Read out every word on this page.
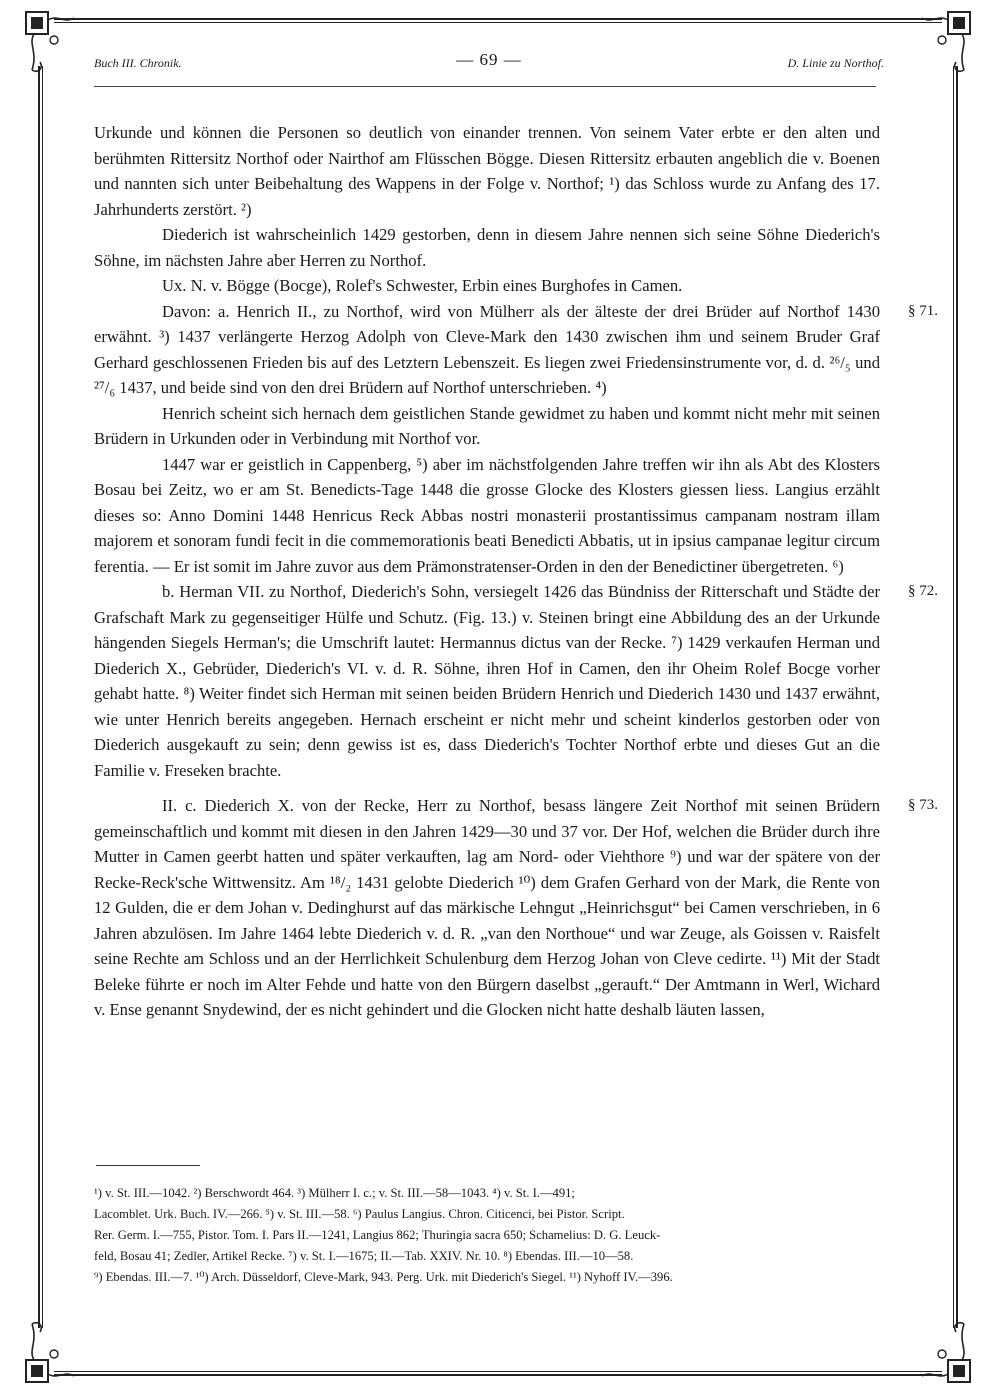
Buch III. Chronik.	— 69 —	D. Linie zu Northof.

Urkunde und können die Personen so deutlich von einander trennen. Von seinem Vater erbte er den alten und berühmten Rittersitz Northof oder Nairthof am Flüsschen Bögge. Diesen Rittersitz erbauten angeblich die v. Boenen und nannten sich unter Beibehaltung des Wappens in der Folge v. Northof; ¹) das Schloss wurde zu Anfang des 17. Jahrhunderts zerstört. ²)

Diederich ist wahrscheinlich 1429 gestorben, denn in diesem Jahre nennen sich seine Söhne Diederich's Söhne, im nächsten Jahre aber Herren zu Northof.

Ux. N. v. Bögge (Bocge), Rolef's Schwester, Erbin eines Burghofes in Camen.

§ 71.
Davon: a. Henrich II., zu Northof, wird von Mülherr als der älteste der drei Brüder auf Northof 1430 erwähnt. ³) 1437 verlängerte Herzog Adolph von Cleve-Mark den 1430 zwischen ihm und seinem Bruder Graf Gerhard geschlossenen Frieden bis auf des Letztern Lebenszeit. Es liegen zwei Friedensinstrumente vor, d. d. ²⁶/₅ und ²⁷/₆ 1437, und beide sind von den drei Brüdern auf Northof unterschrieben. ⁴)

Henrich scheint sich hernach dem geistlichen Stande gewidmet zu haben und kommt nicht mehr mit seinen Brüdern in Urkunden oder in Verbindung mit Northof vor.

1447 war er geistlich in Cappenberg, ⁵) aber im nächstfolgenden Jahre treffen wir ihn als Abt des Klosters Bosau bei Zeitz, wo er am St. Benedicts-Tage 1448 die grosse Glocke des Klosters giessen liess. Langius erzählt dieses so: Anno Domini 1448 Henricus Reck Abbas nostri monasterii prostantissimus campanam nostram illam majorem et sonoram fundi fecit in die commemorationis beati Benedicti Abbatis, ut in ipsius campanae legitur circum ferentia. — Er ist somit im Jahre zuvor aus dem Prämonstratenser-Orden in den der Benedictiner übergetreten. ⁶)

§ 72.
b. Herman VII. zu Northof, Diederich's Sohn, versiegelt 1426 das Bündniss der Ritterschaft und Städte der Grafschaft Mark zu gegenseitiger Hülfe und Schutz. (Fig. 13.) v. Steinen bringt eine Abbildung des an der Urkunde hängenden Siegels Herman's; die Umschrift lautet: Hermannus dictus van der Recke. ⁷) 1429 verkaufen Herman und Diederich X., Gebrüder, Diederich's VI. v. d. R. Söhne, ihren Hof in Camen, den ihr Oheim Rolef Bocge vorher gehabt hatte. ⁸) Weiter findet sich Herman mit seinen beiden Brüdern Henrich und Diederich 1430 und 1437 erwähnt, wie unter Henrich bereits angegeben. Hernach erscheint er nicht mehr und scheint kinderlos gestorben oder von Diederich ausgekauft zu sein; denn gewiss ist es, dass Diederich's Tochter Northof erbte und dieses Gut an die Familie v. Freseken brachte.

§ 73.
II. c. Diederich X. von der Recke, Herr zu Northof, besass längere Zeit Northof mit seinen Brüdern gemeinschaftlich und kommt mit diesen in den Jahren 1429—30 und 37 vor. Der Hof, welchen die Brüder durch ihre Mutter in Camen geerbt hatten und später verkauften, lag am Nord- oder Viehthore ⁹) und war der spätere von der Recke-Reck'sche Wittwensitz. Am ¹⁸/₂ 1431 gelobte Diederich ¹⁰) dem Grafen Gerhard von der Mark, die Rente von 12 Gulden, die er dem Johan v. Dedinghurst auf das märkische Lehngut „Heinrichsgut“ bei Camen verschrieben, in 6 Jahren abzulösen. Im Jahre 1464 lebte Diederich v. d. R. „van den Northoue“ und war Zeuge, als Goissen v. Raisfelt seine Rechte am Schloss und an der Herrlichkeit Schulenburg dem Herzog Johan von Cleve cedirte. ¹¹) Mit der Stadt Beleke führte er noch im Alter Fehde und hatte von den Bürgern daselbst „gerauft.“ Der Amtmann in Werl, Wichard v. Ense genannt Snydewind, der es nicht gehindert und die Glocken nicht hatte deshalb läuten lassen,

¹) v. St. III.—1042. ²) Berschwordt 464. ³) Mülherr I. c.; v. St. III.—58—1043. ⁴) v. St. I.—491;

Lacomblet. Urk. Buch. IV.—266. ⁵) v. St. III.—58. ⁶) Paulus Langius. Chron. Citicenci, bei Pistor. Script.

Rer. Germ. I.—755, Pistor. Tom. I. Pars II.—1241, Langius 862; Thuringia sacra 650; Schamelius: D. G. Leuck-

feld, Bosau 41; Zedler, Artikel Recke. ⁷) v. St. I.—1675; II.—Tab. XXIV. Nr. 10. ⁸) Ebendas. III.—10—58.

⁹) Ebendas. III.—7. ¹⁰) Arch. Düsseldorf, Cleve-Mark, 943. Perg. Urk. mit Diederich's Siegel. ¹¹) Nyhoff IV.—396.
